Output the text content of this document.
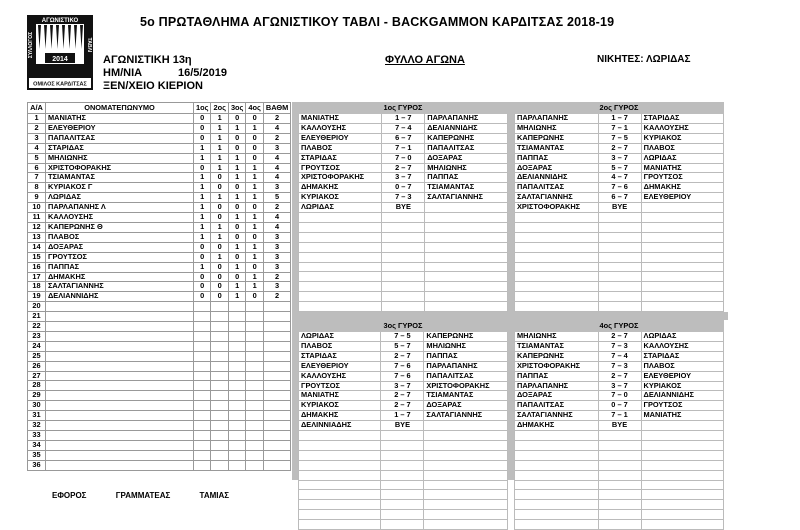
2014
ΑΓΩΝΙΣΤΙΚΟ
ΤΑΒΛΙ
ΣΥΛΛΟΓΟΣ
ΟΜΙΛΟΣ ΚΑΡΔΙΤΣΑΣ
5ο ΠΡΩΤΑΘΛΗΜΑ ΑΓΩΝΙΣΤΙΚΟΥ ΤΑΒΛΙ - BACKGAMMON ΚΑΡΔΙΤΣΑΣ 2018-19
ΑΓΩΝΙΣΤΙΚΗ 13η
ΗΜ/ΝΙΑ	16/5/2019
ΞΕΝ/ΧΕΙΟ ΚΙΕΡΙΟΝ
ΦΥΛΛΟ ΑΓΩΝΑ	ΝΙΚΗΤΕΣ: ΛΩΡΙΔΑΣ
Α/Α	ΟΝΟΜΑΤΕΠΩΝΥΜΟ	1ος	2ος	3ος	4ος	ΒΑΘΜ
1	ΜΑΝΙΑΤΗΣ	0	1	0	0	2
2	ΕΛΕΥΘΕΡΙΟΥ	0	1	1	1	4
3	ΠΑΠΑΛΙΤΣΑΣ	0	1	0	0	2
4	ΣΤΑΡΙΔΑΣ	1	1	0	0	3
5	ΜΗΛΙΩΝΗΣ	1	1	1	0	4
6	ΧΡΙΣΤΟΦΟΡΑΚΗΣ	0	1	1	1	4
7	ΤΣΙΑΜΑΝΤΑΣ	1	0	1	1	4
8	ΚΥΡΙΑΚΟΣ Γ	1	0	0	1	3
9	ΛΩΡΙΔΑΣ	1	1	1	1	5
10	ΠΑΡΛΑΠΑΝΗΣ Λ	1	0	0	0	2
11	ΚΑΛΛΟΥΣΗΣ	1	0	1	1	4
12	ΚΑΠΕΡΩΝΗΣ Θ	1	1	0	1	4
13	ΠΛΑΒΟΣ	1	1	0	0	3
14	ΔΟΞΑΡΑΣ	0	0	1	1	3
15	ΓΡΟΥΤΣΟΣ	0	1	0	1	3
16	ΠΑΠΠΑΣ	1	0	1	0	3
17	ΔΗΜΑΚΗΣ	0	0	0	1	2
18	ΣΑΛΤΑΓΙΑΝΝΗΣ	0	0	1	1	3
19	ΔΕΛΙΑΝΝΙΔΗΣ	0	0	1	0	2
20						
21						
22						
23						
24						
25						
26						
27						
28						
29						
30						
31						
32						
33						
34						
35						
36						
1ος ΓΥΡΟΣ		
ΜΑΝΙΑΤΗΣ	1 – 7	ΠΑΡΛΑΠΑΝΗΣ
ΚΑΛΛΟΥΣΗΣ	7 – 4	ΔΕΛΙΑΝΝΙΔΗΣ
ΕΛΕΥΘΕΡΙΟΥ	6 – 7	ΚΑΠΕΡΩΝΗΣ
ΠΛΑΒΟΣ	7 – 1	ΠΑΠΑΛΙΤΣΑΣ
ΣΤΑΡΙΔΑΣ	7 – 0	ΔΟΞΑΡΑΣ
ΓΡΟΥΤΣΟΣ	2 – 7	ΜΗΛΙΩΝΗΣ
ΧΡΙΣΤΟΦΟΡΑΚΗΣ	3 – 7	ΠΑΠΠΑΣ
ΔΗΜΑΚΗΣ	0 – 7	ΤΣΙΑΜΑΝΤΑΣ
ΚΥΡΙΑΚΟΣ	7 – 3	ΣΑΛΤΑΓΙΑΝΝΗΣ
ΛΩΡΙΔΑΣ	BYE	

2ος ΓΥΡΟΣ		
ΠΑΡΛΑΠΑΝΗΣ	1 – 7	ΣΤΑΡΙΔΑΣ
ΜΗΛΙΩΝΗΣ	7 – 1	ΚΑΛΛΟΥΣΗΣ
ΚΑΠΕΡΩΝΗΣ	7 – 5	ΚΥΡΙΑΚΟΣ
ΤΣΙΑΜΑΝΤΑΣ	2 – 7	ΠΛΑΒΟΣ
ΠΑΠΠΑΣ	3 – 7	ΛΩΡΙΔΑΣ
ΔΟΞΑΡΑΣ	5 – 7	ΜΑΝΙΑΤΗΣ
ΔΕΛΙΑΝΝΙΔΗΣ	4 – 7	ΓΡΟΥΤΣΟΣ
ΠΑΠΑΛΙΤΣΑΣ	7 – 6	ΔΗΜΑΚΗΣ
ΣΑΛΤΑΓΙΑΝΝΗΣ	6 – 7	ΕΛΕΥΘΕΡΙΟΥ
ΧΡΙΣΤΟΦΟΡΑΚΗΣ	BYE	

3ος ΓΥΡΟΣ		
ΛΩΡΙΔΑΣ	7 – 5	ΚΑΠΕΡΩΝΗΣ
ΠΛΑΒΟΣ	5 – 7	ΜΗΛΙΩΝΗΣ
ΣΤΑΡΙΔΑΣ	2 – 7	ΠΑΠΠΑΣ
ΕΛΕΥΘΕΡΙΟΥ	7 – 6	ΠΑΡΛΑΠΑΝΗΣ
ΚΑΛΛΟΥΣΗΣ	7 – 6	ΠΑΠΑΛΙΤΣΑΣ
ΓΡΟΥΤΣΟΣ	3 – 7	ΧΡΙΣΤΟΦΟΡΑΚΗΣ
ΜΑΝΙΑΤΗΣ	2 – 7	ΤΣΙΑΜΑΝΤΑΣ
ΚΥΡΙΑΚΟΣ	2 – 7	ΔΟΞΑΡΑΣ
ΔΗΜΑΚΗΣ	1 – 7	ΣΑΛΤΑΓΙΑΝΝΗΣ
ΔΕΛΙΝΝΙΑΔΗΣ	BYE	

4ος ΓΥΡΟΣ		
ΜΗΛΙΩΝΗΣ	2 – 7	ΛΩΡΙΔΑΣ
ΤΣΙΑΜΑΝΤΑΣ	7 – 3	ΚΑΛΛΟΥΣΗΣ
ΚΑΠΕΡΩΝΗΣ	7 – 4	ΣΤΑΡΙΔΑΣ
ΧΡΙΣΤΟΦΟΡΑΚΗΣ	7 – 3	ΠΛΑΒΟΣ
ΠΑΠΠΑΣ	2 – 7	ΕΛΕΥΘΕΡΙΟΥ
ΠΑΡΛΑΠΑΝΗΣ	3 – 7	ΚΥΡΙΑΚΟΣ
ΔΟΞΑΡΑΣ	7 – 0	ΔΕΛΙΑΝΝΙΔΗΣ
ΠΑΠΑΛΙΤΣΑΣ	0 – 7	ΓΡΟΥΤΣΟΣ
ΣΑΛΤΑΓΙΑΝΝΗΣ	7 – 1	ΜΑΝΙΑΤΗΣ
ΔΗΜΑΚΗΣ	BYE	

ΕΦΟΡΟΣ	ΓΡΑΜΜΑΤΕΑΣ	ΤΑΜΙΑΣ
